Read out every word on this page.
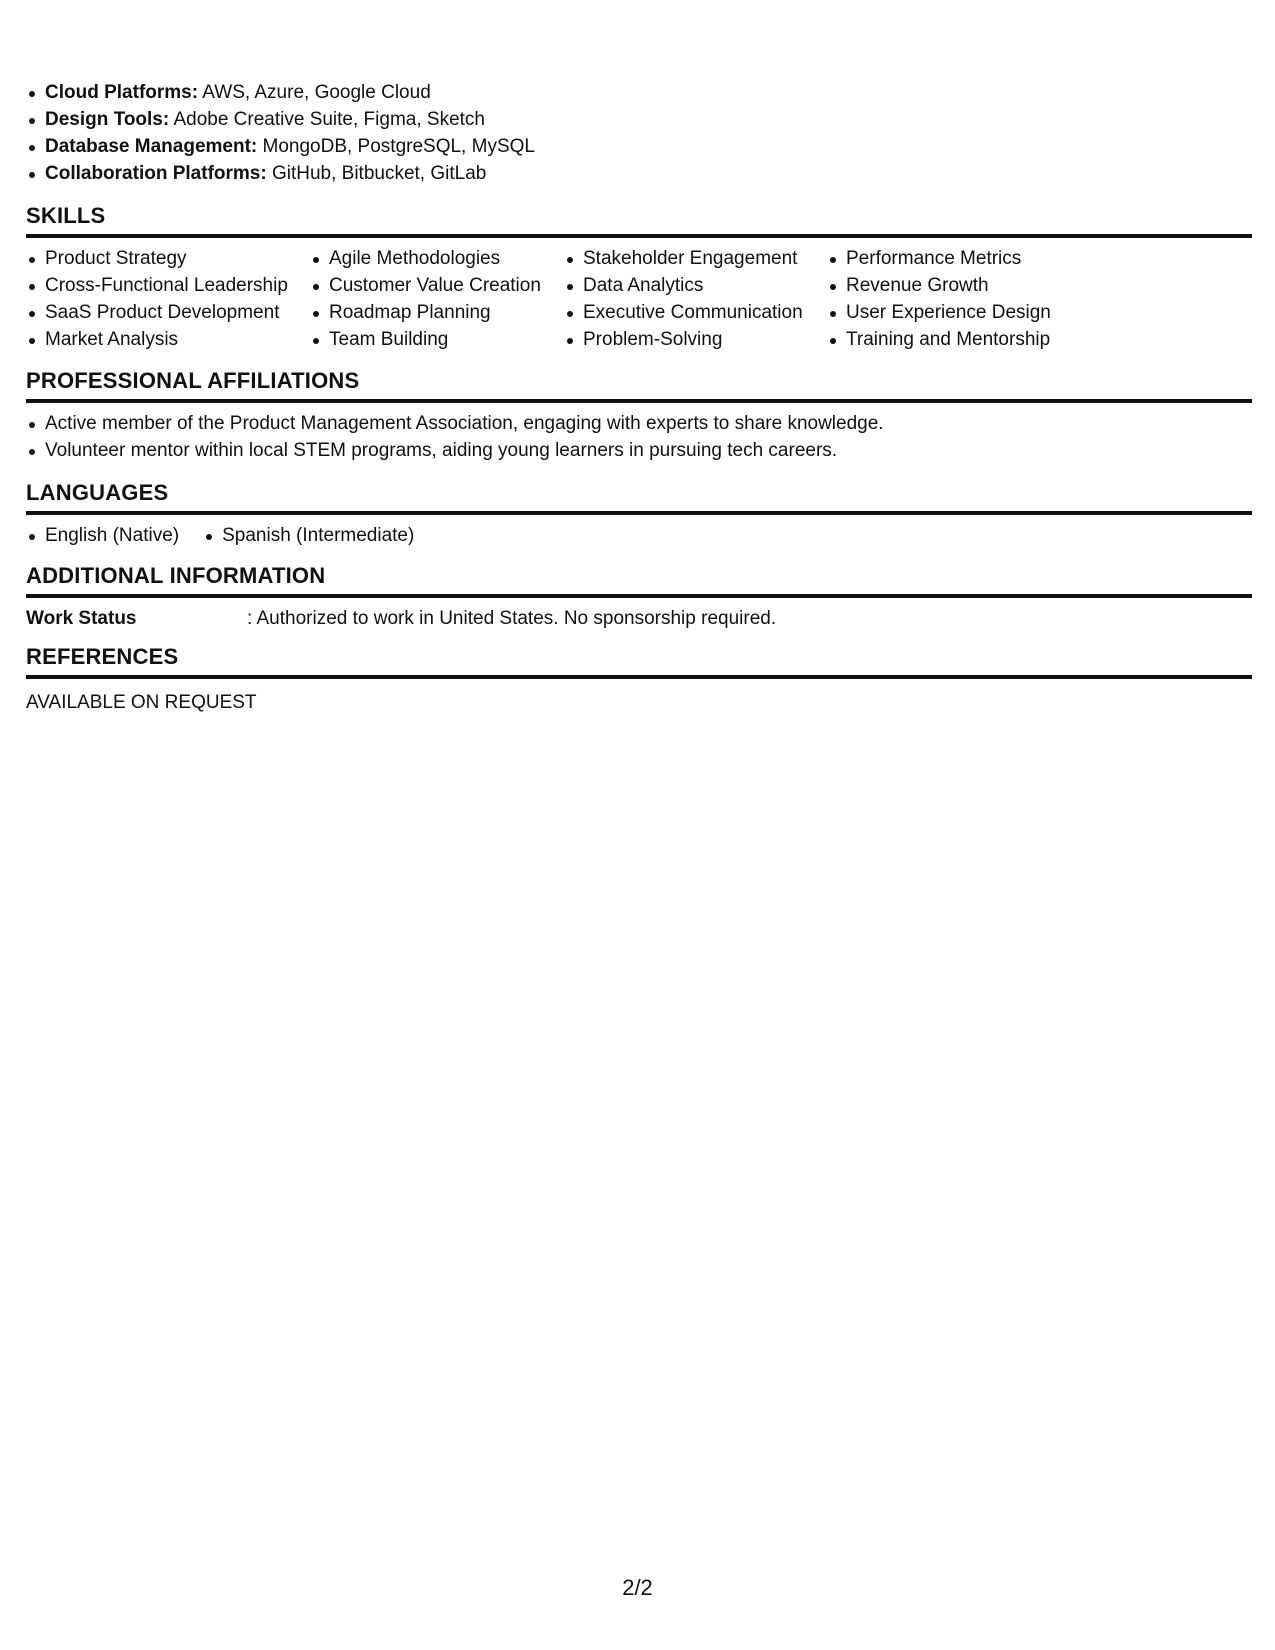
Cloud Platforms: AWS, Azure, Google Cloud
Design Tools: Adobe Creative Suite, Figma, Sketch
Database Management: MongoDB, PostgreSQL, MySQL
Collaboration Platforms: GitHub, Bitbucket, GitLab
SKILLS
Product Strategy
Cross-Functional Leadership
SaaS Product Development
Market Analysis
Agile Methodologies
Customer Value Creation
Roadmap Planning
Team Building
Stakeholder Engagement
Data Analytics
Executive Communication
Problem-Solving
Performance Metrics
Revenue Growth
User Experience Design
Training and Mentorship
PROFESSIONAL AFFILIATIONS
Active member of the Product Management Association, engaging with experts to share knowledge.
Volunteer mentor within local STEM programs, aiding young learners in pursuing tech careers.
LANGUAGES
English (Native)	Spanish (Intermediate)
ADDITIONAL INFORMATION
Work Status	: Authorized to work in United States. No sponsorship required.
REFERENCES
AVAILABLE ON REQUEST
2/2
